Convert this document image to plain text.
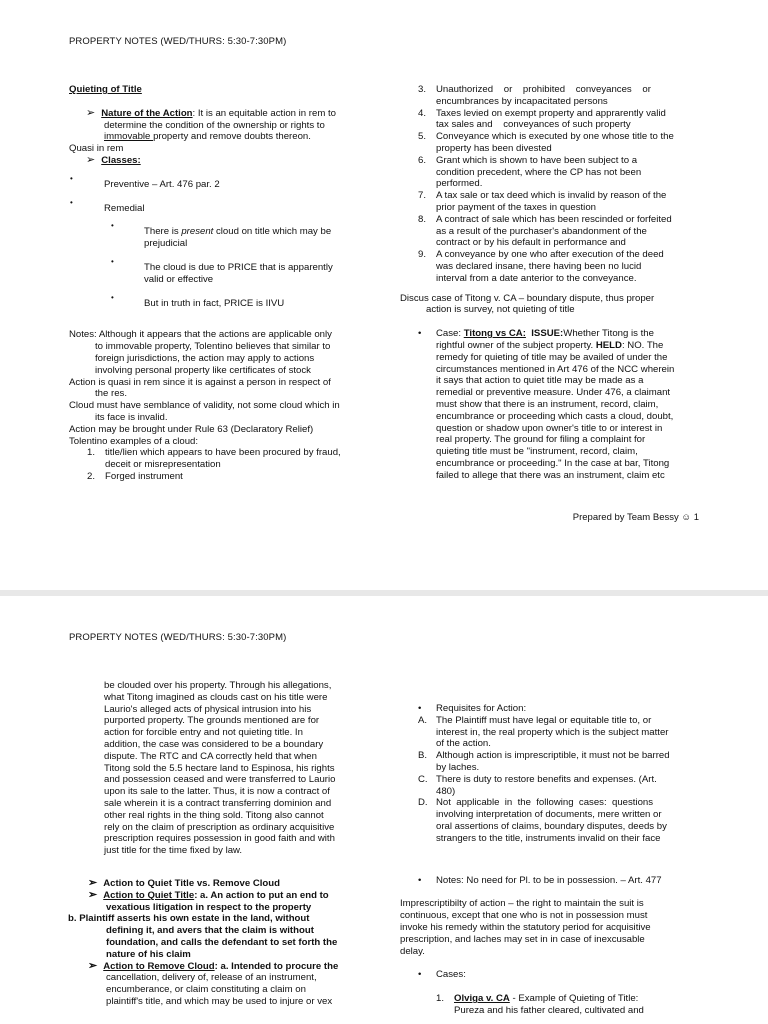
PROPERTY NOTES (WED/THURS: 5:30-7:30PM)
Quieting of Title
➢ Nature of the Action: It is an equitable action in rem to
determine the condition of the ownership or rights to
immovable property and remove doubts thereon.
Quasi in rem
➢ Classes:
•
Preventive – Art. 476 par. 2
•
Remedial
•
There is present cloud on title which may be
prejudicial
•
The cloud is due to PRICE that is apparently
valid or effective
•
But in truth in fact, PRICE is IIVU
Notes: Although it appears that the actions are applicable only
to immovable property, Tolentino believes that similar to
foreign jurisdictions, the action may apply to actions
involving personal property like certificates of stock
Action is quasi in rem since it is against a person in respect of
the res.
Cloud must have semblance of validity, not some cloud which in
its face is invalid.
Action may be brought under Rule 63 (Declaratory Relief)
Tolentino examples of a cloud:
1. title/lien which appears to have been procured by fraud,
deceit or misrepresentation
2. Forged instrument
3. Unauthorized    or    prohibited    conveyances    or
encumbrances by incapacitated persons
4. Taxes levied on exempt property and apprarently valid
tax sales and    conveyances of such property
5. Conveyance which is executed by one whose title to the
property has been divested
6. Grant which is shown to have been subject to a
condition precedent, where the CP has not been
performed.
7. A tax sale or tax deed which is invalid by reason of the
prior payment of the taxes in question
8. A contract of sale which has been rescinded or forfeited
as a result of the purchaser's abandonment of the
contract or by his default in performance and
9. A conveyance by one who after execution of the deed
was declared insane, there having been no lucid
interval from a date anterior to the conveyance.
Discus case of Titong v. CA – boundary dispute, thus proper
action is survey, not quieting of title
• Case: Titong vs CA: ISSUE:Whether Titong is the
rightful owner of the subject property. HELD: NO. The
remedy for quieting of title may be availed of under the
circumstances mentioned in Art 476 of the NCC wherein
it says that action to quiet title may be made as a
remedial or preventive measure. Under 476, a claimant
must show that there is an instrument, record, claim,
encumbrance or proceeding which casts a cloud, doubt,
question or shadow upon owner's title to or interest in
real property. The ground for filing a complaint for
quieting title must be "instrument, record, claim,
encumbrance or proceeding." In the case at bar, Titong
failed to allege that there was an instrument, claim etc
Prepared by Team Bessy ☺ 1
PROPERTY NOTES (WED/THURS: 5:30-7:30PM)
be clouded over his property. Through his allegations,
what Titong imagined as clouds cast on his title were
Laurio's alleged acts of physical intrusion into his
purported property. The grounds mentioned are for
action for forcible entry and not quieting title. In
addition, the case was considered to be a boundary
dispute. The RTC and CA correctly held that when
Titong sold the 5.5 hectare land to Espinosa, his rights
and possession ceased and were transferred to Laurio
upon its sale to the latter. Thus, it is now a contract of
sale wherein it is a contract transferring dominion and
other real rights in the thing sold. Titong also cannot
rely on the claim of prescription as ordinary acquisitive
prescription requires possession in good faith and with
just title for the time fixed by law.
➢ Action to Quiet Title vs. Remove Cloud
➢ Action to Quiet Title: a. An action to put an end to
vexatious litigation in respect to the property
b. Plaintiff asserts his own estate in the land, without
defining it, and avers that the claim is without
foundation, and calls the defendant to set forth the
nature of his claim
➢ Action to Remove Cloud: a. Intended to procure the
cancellation, delivery of, release of an instrument,
encumberance, or claim constituting a claim on
plaintiff's title, and which may be used to injure or vex
• Requisites for Action:
A. The Plaintiff must have legal or equitable title to, or
interest in, the real property which is the subject matter
of the action.
B. Although action is imprescriptible, it must not be barred
by laches.
C. There is duty to restore benefits and expenses. (Art.
480)
D. Not  applicable  in  the  following  cases:  questions
involving interpretation of documents, mere written or
oral assertions of claims, boundary disputes, deeds by
strangers to the title, instruments invalid on their face
• Notes: No need for Pl. to be in possession. – Art. 477
Imprescriptibilty of action – the right to maintain the suit is
continuous, except that one who is not in possession must
invoke his remedy within the statutory period for acquisitive
prescription, and laches may set in in case of inexcusable
delay.
• Cases:
1. Olviga v. CA - Example of Quieting of Title:
Pureza and his father cleared, cultivated and
